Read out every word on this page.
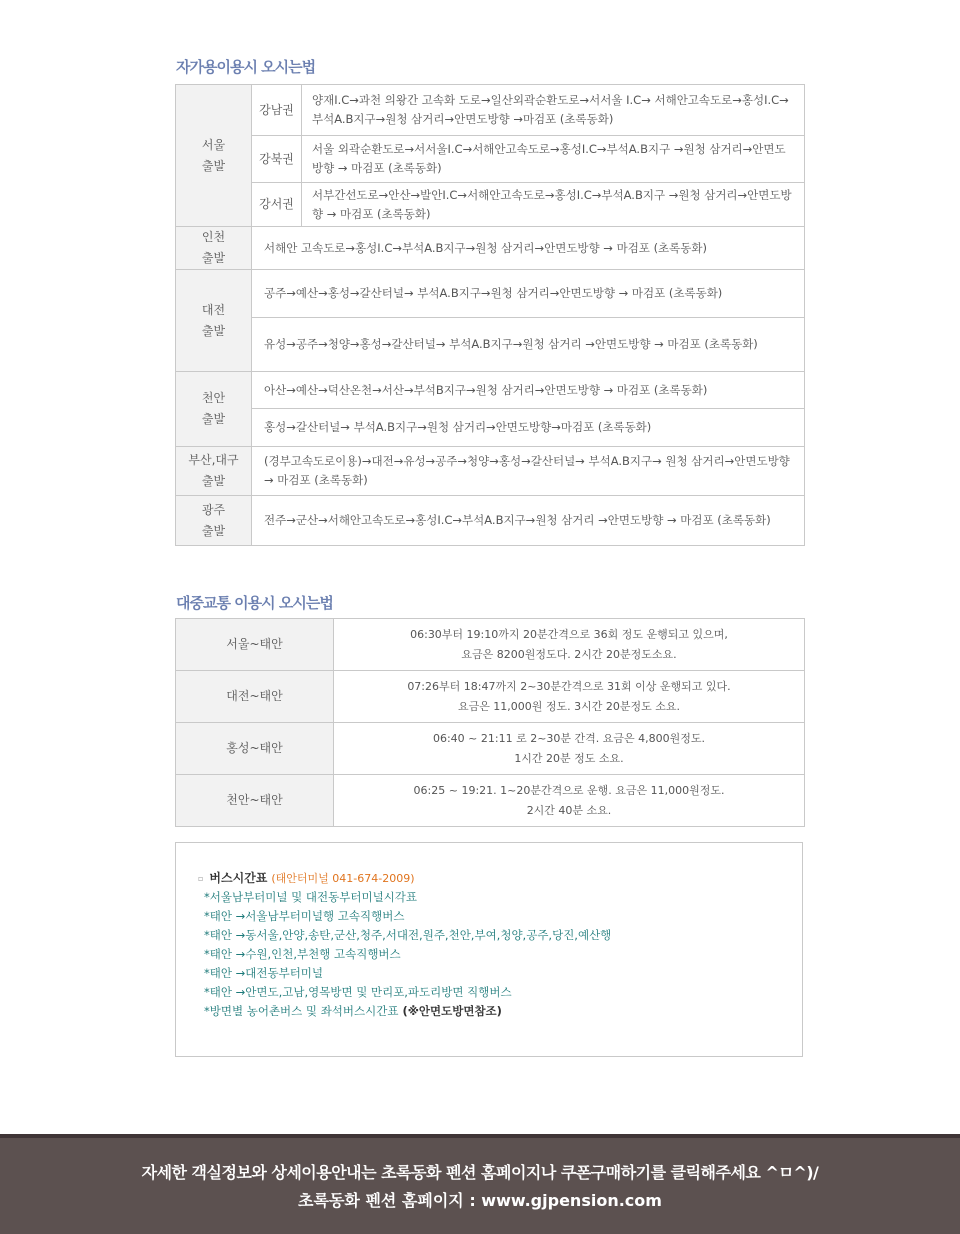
자가용이용시 오시는법
서울
출발	강남권	양재I.C→과천 의왕간 고속화 도로→일산외곽순환도로→서서울 I.C→ 서해안고속도로→홍성I.C→부석A.B지구→원청 삼거리→안면도방향 →마검포 (초록동화)
	강북권	서울 외곽순환도로→서서울I.C→서해안고속도로→홍성I.C→부석A.B지구 →원청 삼거리→안면도방향 → 마검포 (초록동화)
	강서권	서부간선도로→안산→발안I.C→서해안고속도로→홍성I.C→부석A.B지구 →원청 삼거리→안면도방향 → 마검포 (초록동화)
인천
출발	서해안 고속도로→홍성I.C→부석A.B지구→원청 삼거리→안면도방향 → 마검포 (초록동화)	
대전
출발	공주→예산→홍성→갈산터널→ 부석A.B지구→원청 삼거리→안면도방향 → 마검포 (초록동화)	
	유성→공주→청양→홍성→갈산터널→ 부석A.B지구→원청 삼거리 →안면도방향 → 마검포 (초록동화)	
천안
출발	아산→예산→덕산온천→서산→부석B지구→원청 삼거리→안면도방향 → 마검포 (초록동화)	
	홍성→갈산터널→ 부석A.B지구→원청 삼거리→안면도방향→마검포 (초록동화)	
부산,대구
출발	(경부고속도로이용)→대전→유성→공주→청양→홍성→갈산터널→ 부석A.B지구→ 원청 삼거리→안면도방향 → 마검포 (초록동화)	
광주
출발	전주→군산→서해안고속도로→홍성I.C→부석A.B지구→원청 삼거리 →안면도방향 → 마검포 (초록동화)	
대중교통 이용시 오시는법
서울~태안	06:30부터 19:10까지 20분간격으로 36회 정도 운행되고 있으며,
요금은 8200원정도다. 2시간 20분정도소요.

대전~태안	07:26부터 18:47까지 2~30분간격으로 31회 이상 운행되고 있다.
요금은 11,000원 정도. 3시간 20분정도 소요.

홍성~태안	06:40 ~ 21:11 로 2~30분 간격. 요금은 4,800원정도.
1시간 20분 정도 소요.

천안~태안	06:25 ~ 19:21. 1~20분간격으로 운행. 요금은 11,000원정도.
2시간 40분 소요.
▫ 버스시간표 (태안터미널 041-674-2009)
*서울남부터미널 및 대전동부터미널시각표
*태안 →서울남부터미널행 고속직행버스
*태안 →동서울,안양,송탄,군산,청주,서대전,원주,천안,부여,청양,공주,당진,예산행
*태안 →수원,인천,부천행 고속직행버스
*태안 →대전동부터미널
*태안 →안면도,고남,영목방면 및 만리포,파도리방면 직행버스
*방면별 농어촌버스 및 좌석버스시간표 (※안면도방면참조)
자세한 객실정보와 상세이용안내는 초록동화 펜션 홈페이지나 쿠폰구매하기를 클릭해주세요 ^ㅁ^)/
초록동화 펜션 홈페이지 : www.gjpension.com
